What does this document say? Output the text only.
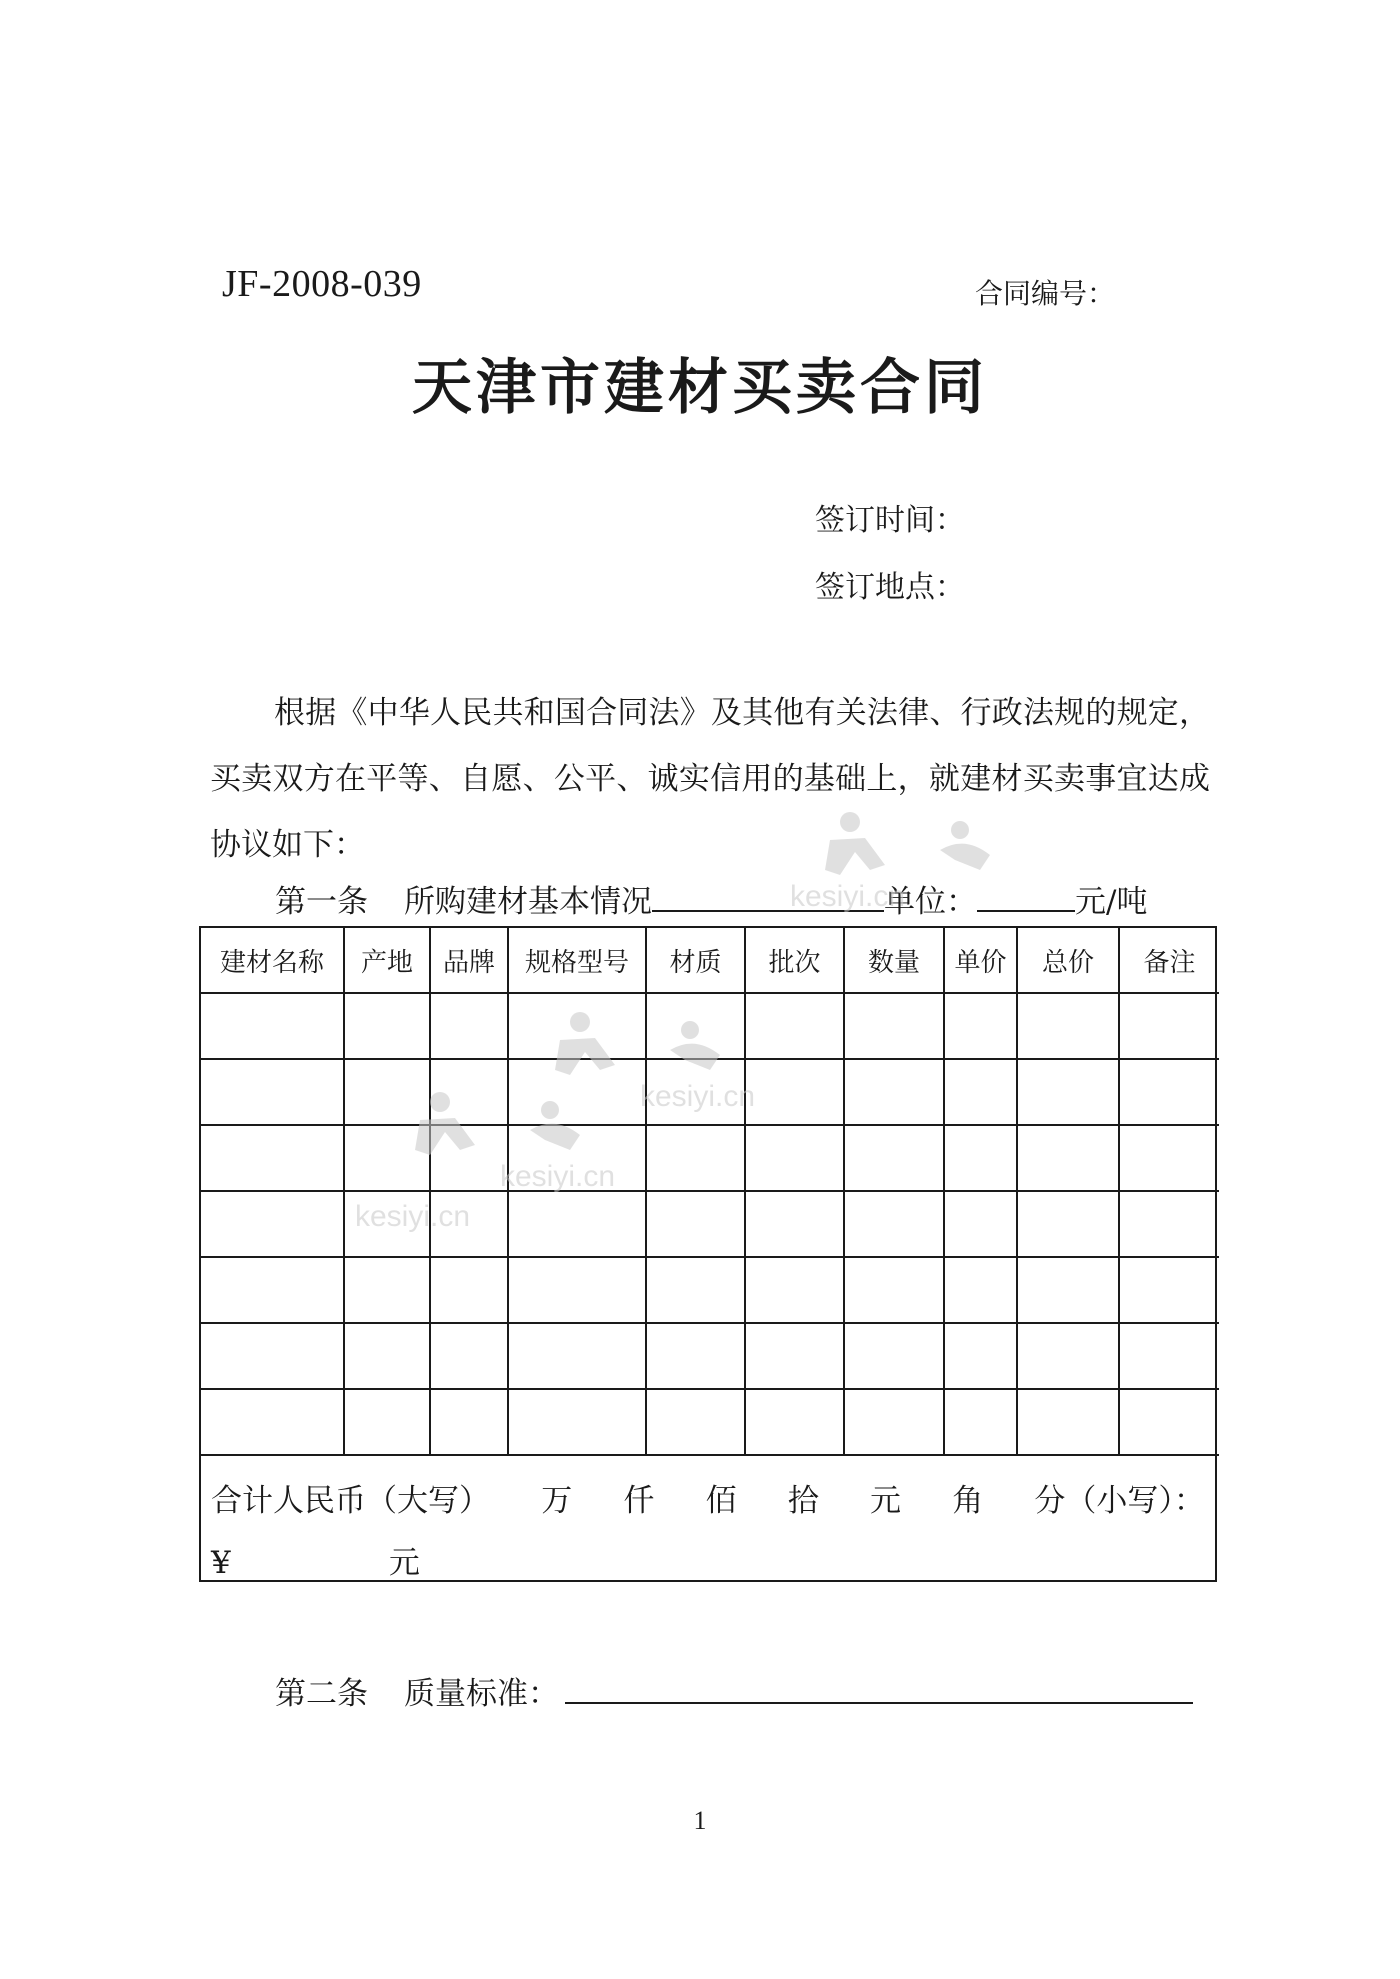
JF-2008-039	合同编号：
天津市建材买卖合同
签订时间：
签订地点：
根据《中华人民共和国合同法》及其他有关法律、行政法规的规定，买卖双方在平等、自愿、公平、诚实信用的基础上，就建材买卖事宜达成协议如下：
第一条 所购建材基本情况	单位：	元/吨
建材名称	产地	品牌	规格型号	材质	批次	数量	单价	总价	备注

合计人民币（大写） 万 仟 佰 拾 元 角 分（小写）：
¥	元
第二条 质量标准：
1
kesiyi.cn
kesiyi.cn
kesiyi.cn
kesiyi.cn
